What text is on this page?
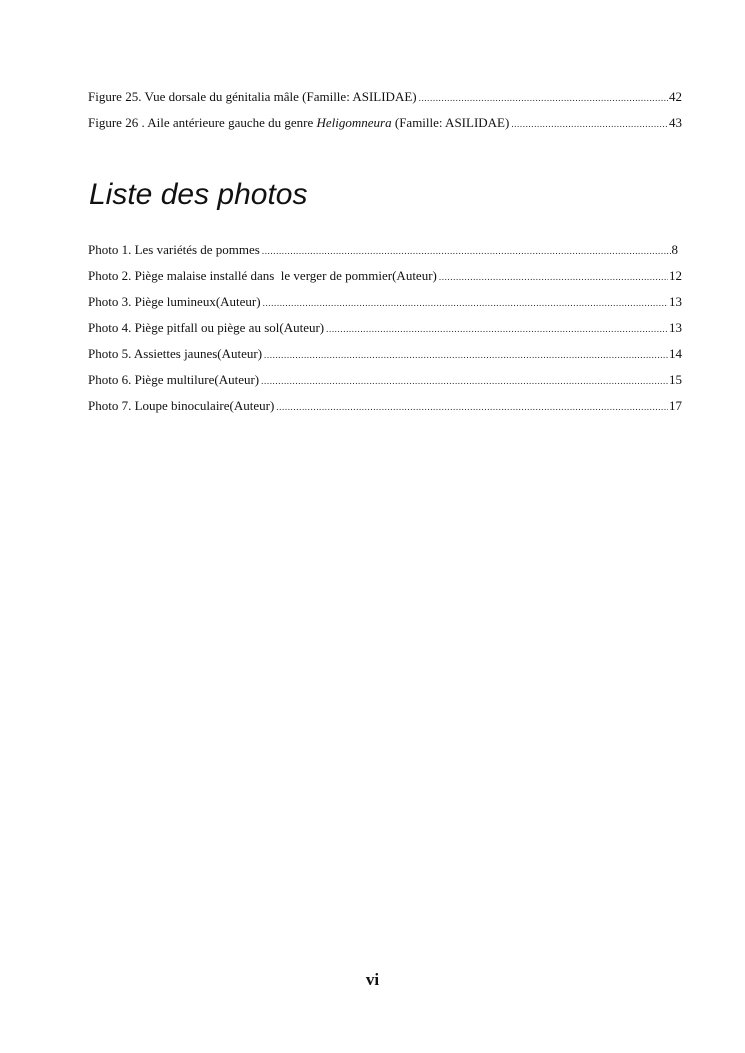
Figure 25. Vue dorsale du génitalia mâle (Famille: ASILIDAE) .....	42
Figure 26 . Aile antérieure gauche du genre Heligomneura (Famille: ASILIDAE) .....	43
Liste des photos
Photo 1. Les variétés de pommes .....	8
Photo 2. Piège malaise installé dans  le verger de pommier(Auteur) .....	12
Photo 3. Piège lumineux(Auteur) .....	13
Photo 4. Piège pitfall ou piège au sol(Auteur) .....	13
Photo 5. Assiettes jaunes(Auteur) .....	14
Photo 6. Piège multilure(Auteur) .....	15
Photo 7. Loupe binoculaire(Auteur) .....	17
vi
